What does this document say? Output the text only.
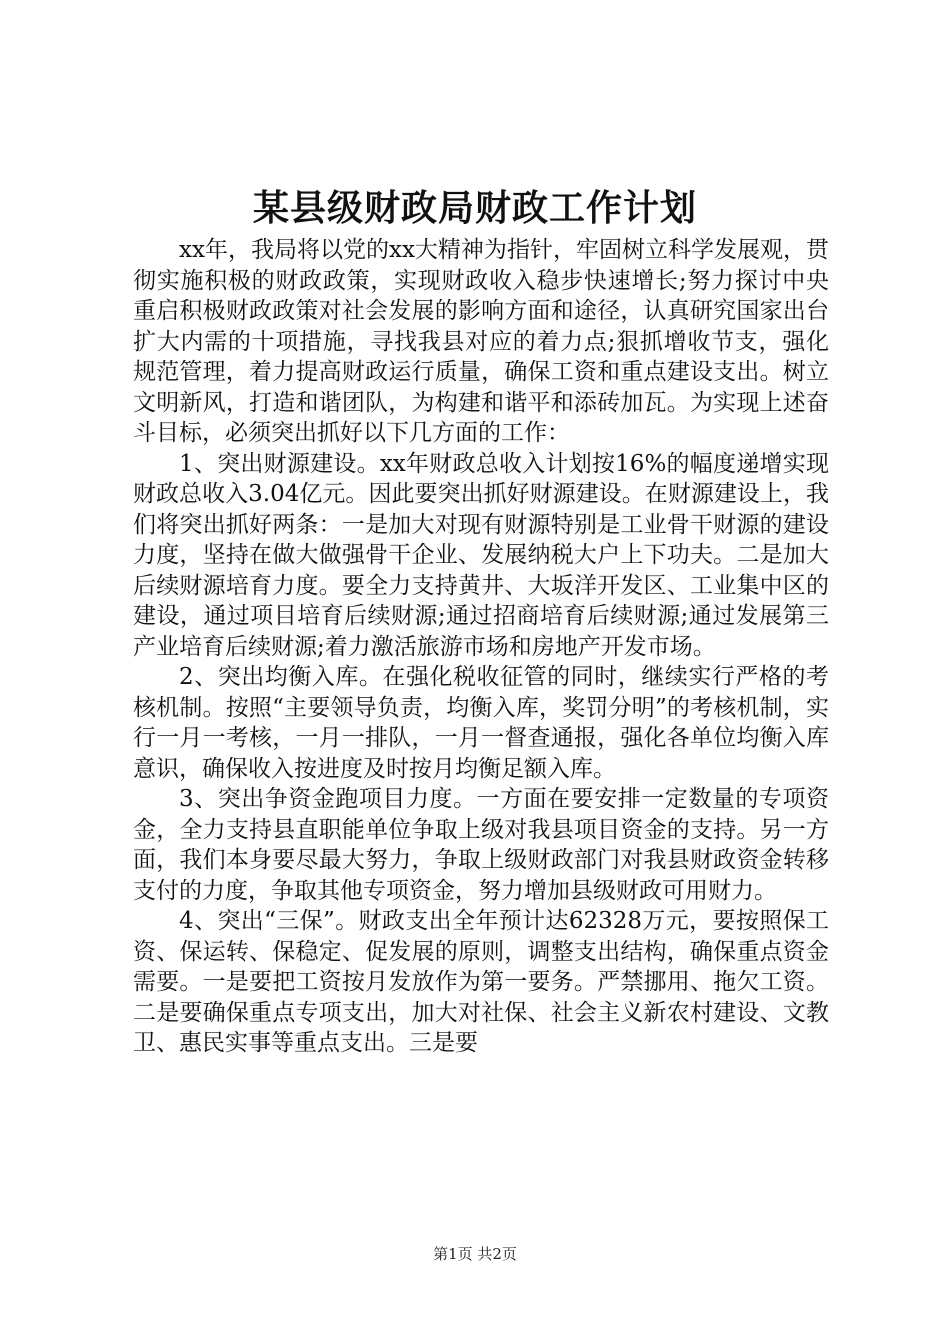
某县级财政局财政工作计划

xx年，我局将以党的xx大精神为指针，牢固树立科学发展观，贯彻实施积极的财政政策，实现财政收入稳步快速增长;努力探讨中央重启积极财政政策对社会发展的影响方面和途径，认真研究国家出台扩大内需的十项措施，寻找我县对应的着力点;狠抓增收节支，强化规范管理，着力提高财政运行质量，确保工资和重点建设支出。树立文明新风，打造和谐团队，为构建和谐平和添砖加瓦。为实现上述奋斗目标，必须突出抓好以下几方面的工作：

1、突出财源建设。xx年财政总收入计划按16%的幅度递增实现财政总收入3.04亿元。因此要突出抓好财源建设。在财源建设上，我们将突出抓好两条：一是加大对现有财源特别是工业骨干财源的建设力度，坚持在做大做强骨干企业、发展纳税大户上下功夫。二是加大后续财源培育力度。要全力支持黄井、大坂洋开发区、工业集中区的建设，通过项目培育后续财源;通过招商培育后续财源;通过发展第三产业培育后续财源;着力激活旅游市场和房地产开发市场。

2、突出均衡入库。在强化税收征管的同时，继续实行严格的考核机制。按照“主要领导负责，均衡入库，奖罚分明”的考核机制，实行一月一考核，一月一排队，一月一督查通报，强化各单位均衡入库意识，确保收入按进度及时按月均衡足额入库。

3、突出争资金跑项目力度。一方面在要安排一定数量的专项资金，全力支持县直职能单位争取上级对我县项目资金的支持。另一方面，我们本身要尽最大努力，争取上级财政部门对我县财政资金转移支付的力度，争取其他专项资金，努力增加县级财政可用财力。

4、突出“三保”。财政支出全年预计达62328万元，要按照保工资、保运转、保稳定、促发展的原则，调整支出结构，确保重点资金需要。一是要把工资按月发放作为第一要务。严禁挪用、拖欠工资。二是要确保重点专项支出，加大对社保、社会主义新农村建设、文教卫、惠民实事等重点支出。三是要

第1页 共2页
